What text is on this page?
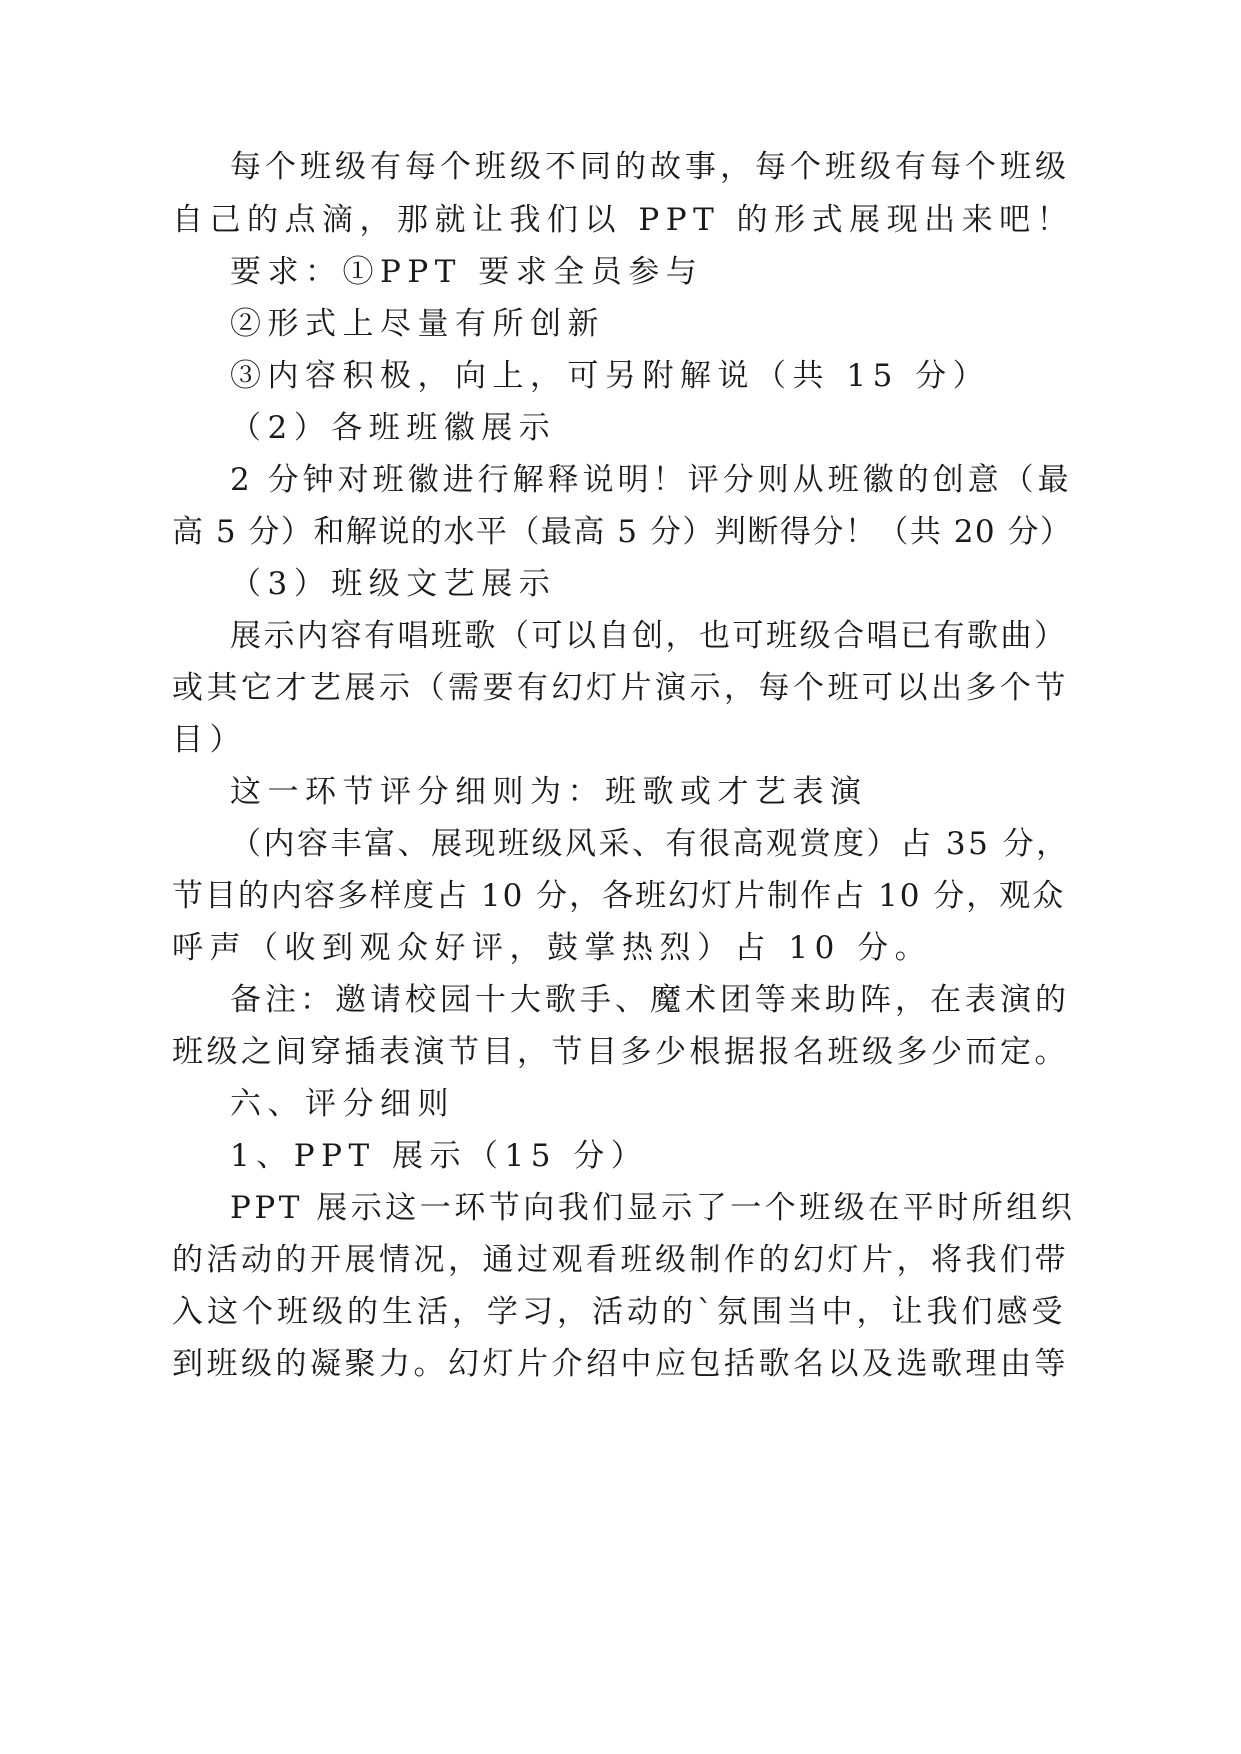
每个班级有每个班级不同的故事，每个班级有每个班级
自己的点滴，那就让我们以 PPT 的形式展现出来吧！
要求：①PPT 要求全员参与
②形式上尽量有所创新
③内容积极，向上，可另附解说（共 15 分）
（2）各班班徽展示
2 分钟对班徽进行解释说明！评分则从班徽的创意（最
高 5 分）和解说的水平（最高 5 分）判断得分！（共 20 分）
（3）班级文艺展示
展示内容有唱班歌（可以自创，也可班级合唱已有歌曲）
或其它才艺展示（需要有幻灯片演示，每个班可以出多个节
目）
这一环节评分细则为：班歌或才艺表演
（内容丰富、展现班级风采、有很高观赏度）占 35 分，
节目的内容多样度占 10 分，各班幻灯片制作占 10 分，观众
呼声（收到观众好评，鼓掌热烈）占 10 分。
备注：邀请校园十大歌手、魔术团等来助阵，在表演的
班级之间穿插表演节目，节目多少根据报名班级多少而定。
六、评分细则
1、PPT 展示（15 分）
PPT 展示这一环节向我们显示了一个班级在平时所组织
的活动的开展情况，通过观看班级制作的幻灯片，将我们带
入这个班级的生活，学习，活动的`氛围当中，让我们感受
到班级的凝聚力。幻灯片介绍中应包括歌名以及选歌理由等
